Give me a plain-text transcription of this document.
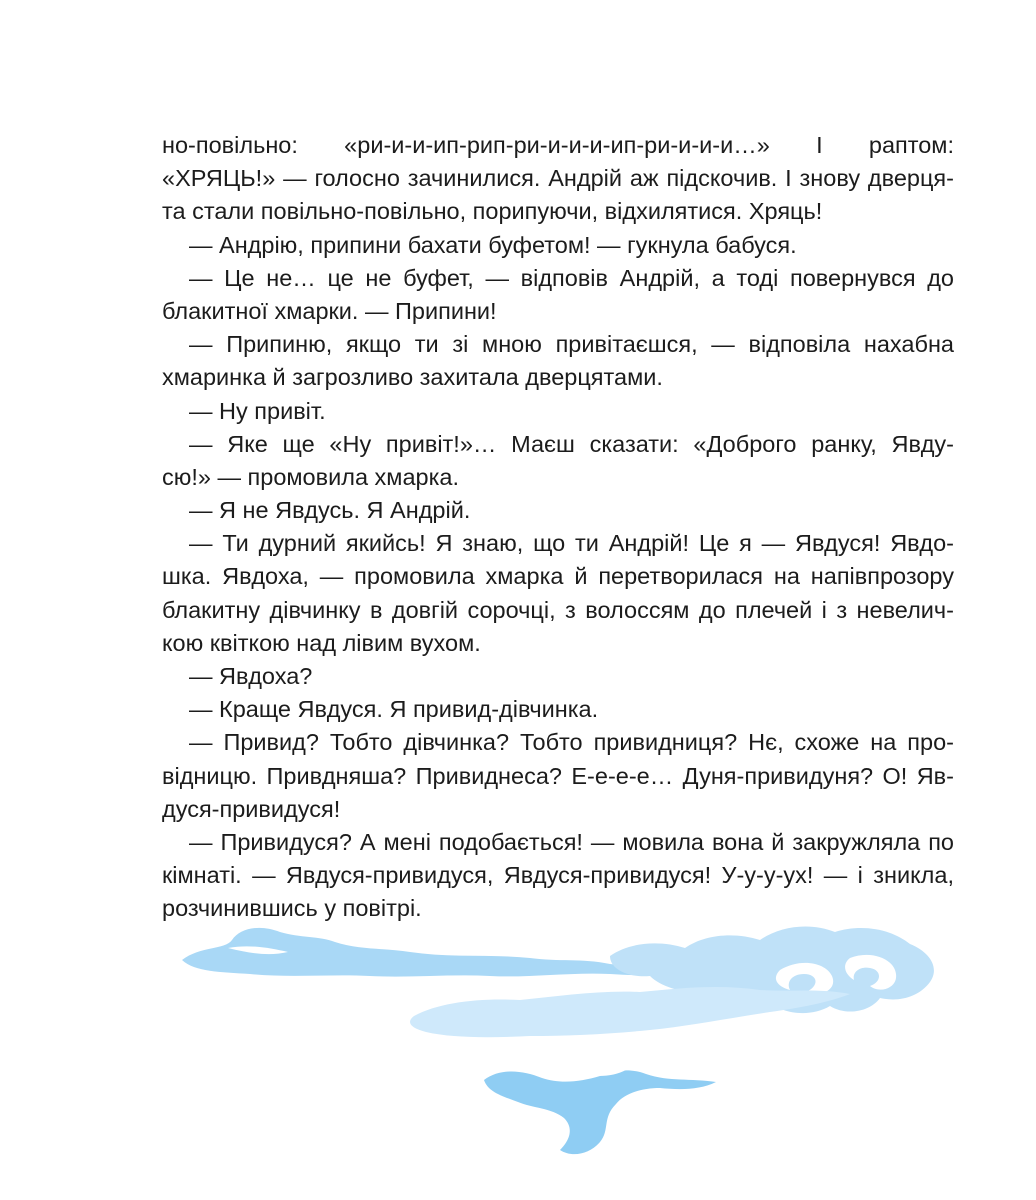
но-повільно: «ри-и-и-ип-рип-ри-и-и-и-ип-ри-и-и-и…» І раптом:
«ХРЯЦЬ!» — голосно зачинилися. Андрій аж підскочив. І знову дверця-
та стали повільно-повільно, порипуючи, відхилятися. Хряць!

— Андрію, припини бахати буфетом! — гукнула бабуся.

— Це не… це не буфет, — відповів Андрій, а тоді повернувся до
блакитної хмарки. — Припини!

— Припиню, якщо ти зі мною привітаєшся, — відповіла нахабна
хмаринка й загрозливо захитала дверцятами.

— Ну привіт.

— Яке ще «Ну привіт!»… Маєш сказати: «Доброго ранку, Явду-
сю!» — промовила хмарка.

— Я не Явдусь. Я Андрій.

— Ти дурний якийсь! Я знаю, що ти Андрій! Це я — Явдуся! Явдо-
шка. Явдоха, — промовила хмарка й перетворилася на напівпрозору
блакитну дівчинку в довгій сорочці, з волоссям до плечей і з невелич-
кою квіткою над лівим вухом.

— Явдоха?

— Краще Явдуся. Я привид-дівчинка.

— Привид? Тобто дівчинка? Тобто привидниця? Нє, схоже на про-
відницю. Привдняша? Привиднеса? Е-е-е-е… Дуня-привидуня? О! Яв-
дуся-привидуся!

— Привидуся? А мені подобається! — мовила вона й закружляла по
кімнаті. — Явдуся-привидуся, Явдуся-привидуся! У-у-у-ух! — і зникла,
розчинившись у повітрі.
